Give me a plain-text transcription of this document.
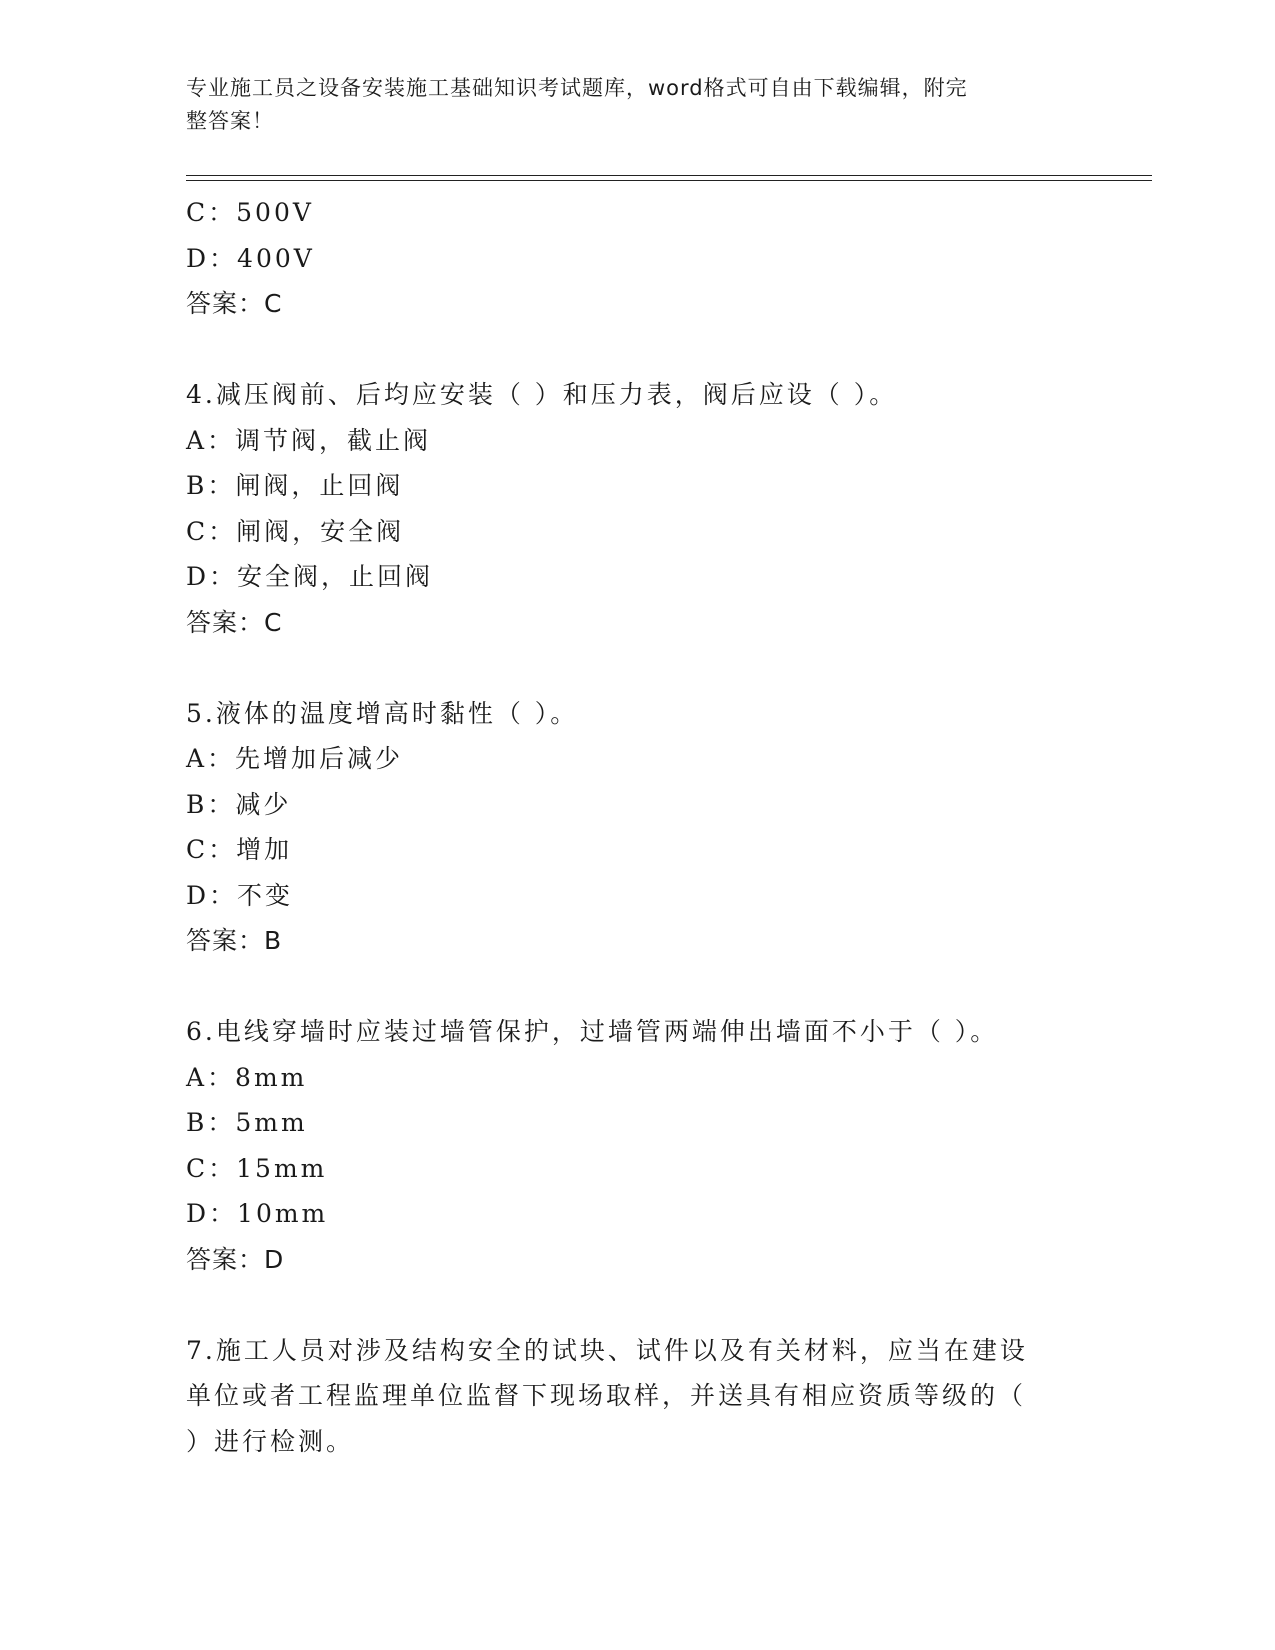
专业施工员之设备安装施工基础知识考试题库，word格式可自由下载编辑，附完
整答案！
C：500V
D：400V
答案：C
4.减压阀前、后均应安装（ ）和压力表，阀后应设（ ）。
A：调节阀，截止阀
B：闸阀，止回阀
C：闸阀，安全阀
D：安全阀，止回阀
答案：C
5.液体的温度增高时黏性（ ）。
A：先增加后减少
B：减少
C：增加
D：不变
答案：B
6.电线穿墙时应装过墙管保护，过墙管两端伸出墙面不小于（ ）。
A：8mm
B：5mm
C：15mm
D：10mm
答案：D
7.施工人员对涉及结构安全的试块、试件以及有关材料，应当在建设
单位或者工程监理单位监督下现场取样，并送具有相应资质等级的（
）进行检测。
